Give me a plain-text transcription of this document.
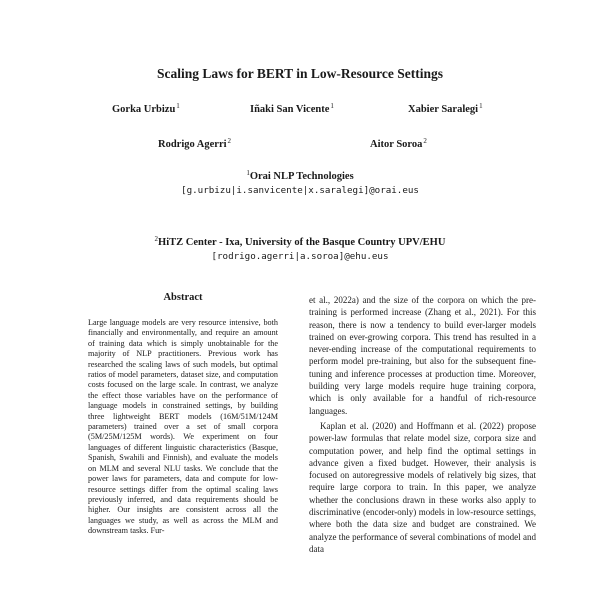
Scaling Laws for BERT in Low-Resource Settings
Gorka Urbizu$^1$	Iñaki San Vicente$^1$	Xabier Saralegi$^1$
Rodrigo Agerri$^2$	Aitor Soroa$^2$
$^1$Orai NLP Technologies
[g.urbizu|i.sanvicente|x.saralegi]@orai.eus
$^2$HiTZ Center - Ixa, University of the Basque Country UPV/EHU
[rodrigo.agerri|a.soroa]@ehu.eus
Abstract
Large language models are very resource intensive, both financially and environmentally, and require an amount of training data which is simply unobtainable for the majority of NLP practitioners. Previous work has researched the scaling laws of such models, but optimal ratios of model parameters, dataset size, and computation costs focused on the large scale. In contrast, we analyze the effect those variables have on the performance of language models in constrained settings, by building three lightweight BERT models (16M/51M/124M parameters) trained over a set of small corpora (5M/25M/125M words). We experiment on four languages of different linguistic characteristics (Basque, Spanish, Swahili and Finnish), and evaluate the models on MLM and several NLU tasks. We conclude that the power laws for parameters, data and compute for low-resource settings differ from the optimal scaling laws previously inferred, and data requirements should be higher. Our insights are consistent across all the languages we study, as well as across the MLM and downstream tasks. Fur-

et al., 2022a) and the size of the corpora on which the pre-training is performed increase (Zhang et al., 2021). For this reason, there is now a tendency to build ever-larger models trained on ever-growing corpora. This trend has resulted in a never-ending increase of the computational requirements to perform model pre-training, but also for the subsequent fine-tuning and inference processes at production time. Moreover, building very large models require huge training corpora, which is only available for a handful of rich-resource languages.

Kaplan et al. (2020) and Hoffmann et al. (2022) propose power-law formulas that relate model size, corpora size and computation power, and help find the optimal settings in advance given a fixed budget. However, their analysis is focused on autoregressive models of relatively big sizes, that require large corpora to train. In this paper, we analyze whether the conclusions drawn in these works also apply to discriminative (encoder-only) models in low-resource settings, where both the data size and budget are constrained. We analyze the performance of several combinations of model and data
